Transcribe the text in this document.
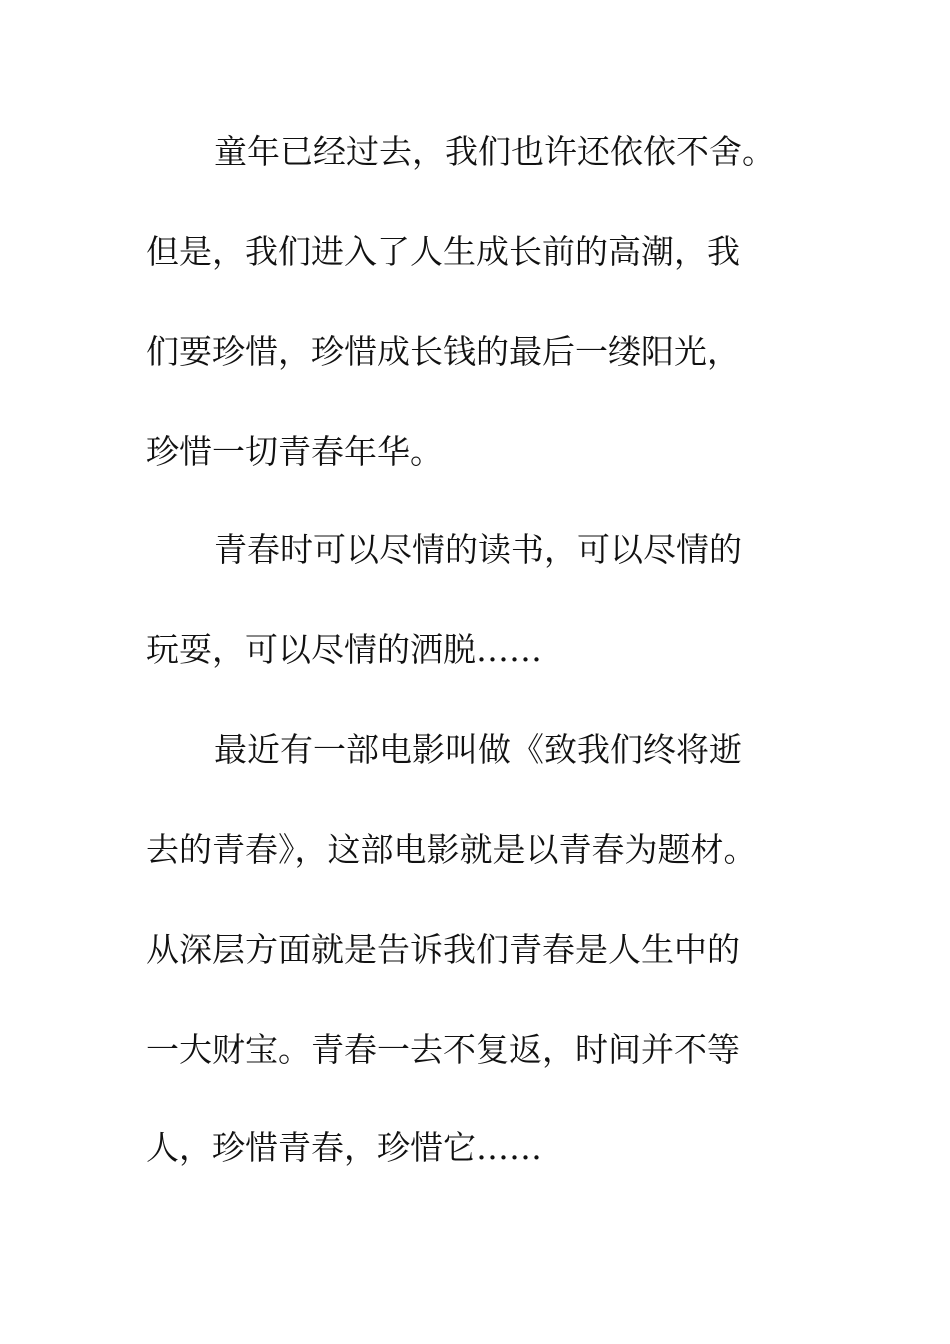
童年已经过去，我们也许还依依不舍。
但是，我们进入了人生成长前的高潮，我
们要珍惜，珍惜成长钱的最后一缕阳光，
珍惜一切青春年华。
青春时可以尽情的读书，可以尽情的
玩耍，可以尽情的洒脱……
最近有一部电影叫做《致我们终将逝
去的青春》，这部电影就是以青春为题材。
从深层方面就是告诉我们青春是人生中的
一大财宝。青春一去不复返，时间并不等
人，珍惜青春，珍惜它……
